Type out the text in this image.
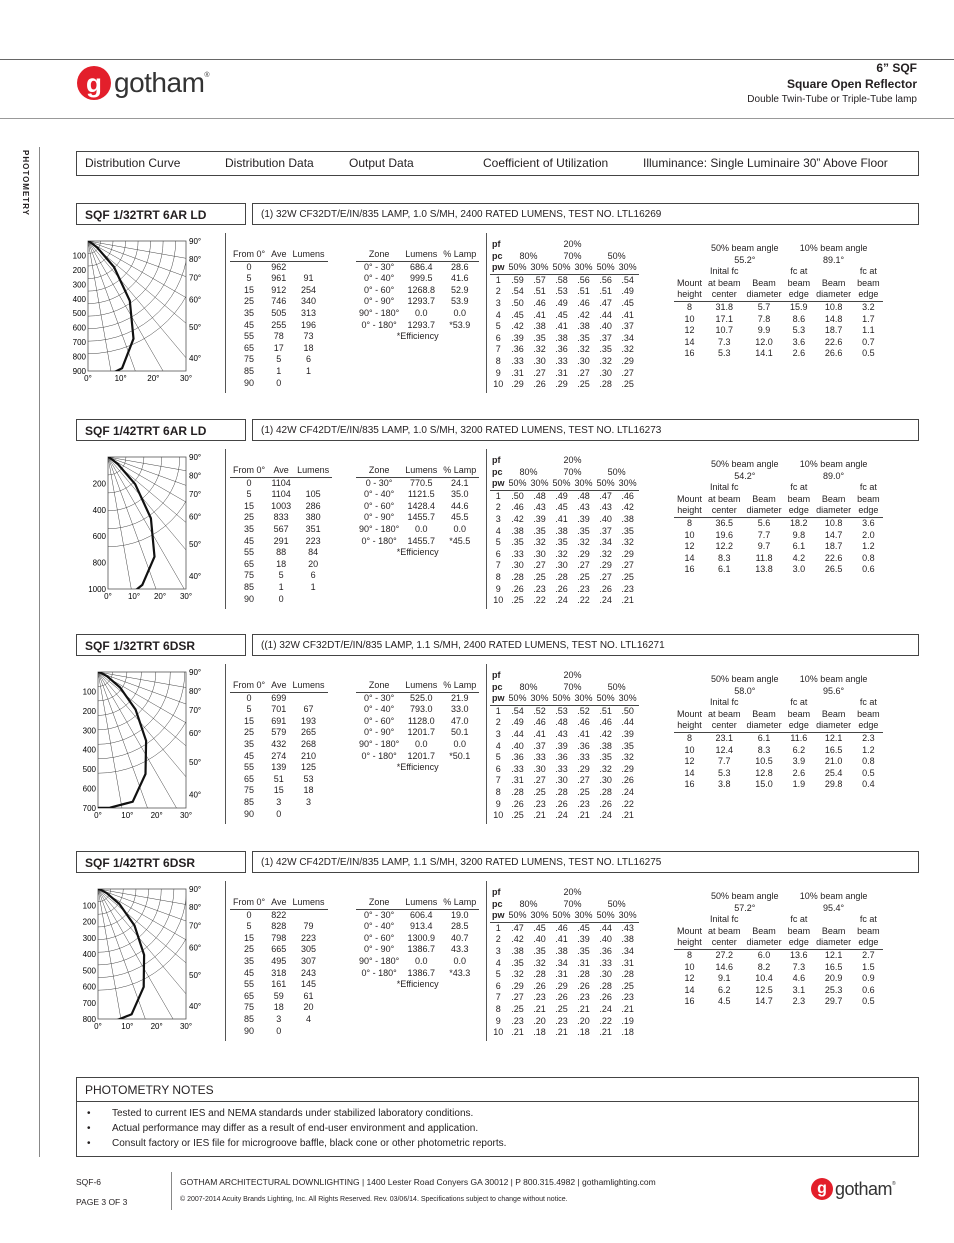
g gotham ®
6” SQF
Square Open Reflector
Double Twin-Tube or Triple-Tube lamp
PHOTOMETRY	Distribution Curve	Distribution Data	Output Data	Coefficient of Utilization	Illuminance: Single Luminaire 30” Above Floor
SQF 1/32TRT 6AR LD	(1) 32W CF32DT/E/IN/835 LAMP, 1.0 S/MH, 2400 RATED LUMENS, TEST NO. LTL16269
100
200
300
400
500
600
700
800
900
90°
80°
70°
60°
50°
40°
0°	10°	20°	30°
From 0°	Ave	Lumens
0	962	
5	961	91
15	912	254
25	746	340
35	505	313
45	255	196
55	78	73
65	17	18
75	5	6
85	1	1
90	0	
Zone	Lumens	% Lamp
0° - 30°	686.4	28.6
0° - 40°	999.5	41.6
0° - 60°	1268.8	52.9
0° - 90°	1293.7	53.9
90° - 180°	0.0	0.0
0° - 180°	1293.7	*53.9
*Efficiency		
pf	20%					
pc	80%		70%		50%	
pw	50%	30%	50%	30%	50%	30%
1	.59	.57	.58	.56	.56	.54
2	.54	.51	.53	.51	.51	.49
3	.50	.46	.49	.46	.47	.45
4	.45	.41	.45	.42	.44	.41
5	.42	.38	.41	.38	.40	.37
6	.39	.35	.38	.35	.37	.34
7	.36	.32	.36	.32	.35	.32
8	.33	.30	.33	.30	.32	.29
9	.31	.27	.31	.27	.30	.27
10	.29	.26	.29	.25	.28	.25
	50% beam angle		10% beam angle		
	55.2°		89.1°		
	Inital fc		fc at		fc at
Mount	at beam	Beam	beam	Beam	beam
height	center	diameter	edge	diameter	edge
8	31.8	5.7	15.9	10.8	3.2
10	17.1	7.8	8.6	14.8	1.7
12	10.7	9.9	5.3	18.7	1.1
14	7.3	12.0	3.6	22.6	0.7
16	5.3	14.1	2.6	26.6	0.5
SQF 1/42TRT 6AR LD	(1) 42W CF42DT/E/IN/835 LAMP, 1.0 S/MH, 3200 RATED LUMENS, TEST NO. LTL16273
200
400
600
800
1000
90°
80°
70°
60°
50°
40°
0° 10° 20° 30°
From 0°	Ave	Lumens
0	1104	
5	1104	105
15	1003	286
25	833	380
35	567	351
45	291	223
55	88	84
65	18	20
75	5	6
85	1	1
90	0	
Zone	Lumens	% Lamp
0 - 30°	770.5	24.1
0° - 40°	1121.5	35.0
0° - 60°	1428.4	44.6
0° - 90°	1455.7	45.5
90° - 180°	0.0	0.0
0° - 180°	1455.7	*45.5
*Efficiency		
pf	20%					
pc	80%		70%		50%	
pw	50%	30%	50%	30%	50%	30%
1	.50	.48	.49	.48	.47	.46
2	.46	.43	.45	.43	.43	.42
3	.42	.39	.41	.39	.40	.38
4	.38	.35	.38	.35	.37	.35
5	.35	.32	.35	.32	.34	.32
6	.33	.30	.32	.29	.32	.29
7	.30	.27	.30	.27	.29	.27
8	.28	.25	.28	.25	.27	.25
9	.26	.23	.26	.23	.26	.23
10	.25	.22	.24	.22	.24	.21
	50% beam angle		10% beam angle		
	54.2°		89.0°		
	Inital fc		fc at		fc at
Mount	at beam	Beam	beam	Beam	beam
height	center	diameter	edge	diameter	edge
8	36.5	5.6	18.2	10.8	3.6
10	19.6	7.7	9.8	14.7	2.0
12	12.2	9.7	6.1	18.7	1.2
14	8.3	11.8	4.2	22.6	0.8
16	6.1	13.8	3.0	26.5	0.6
SQF 1/32TRT 6DSR	((1) 32W CF32DT/E/IN/835 LAMP, 1.1 S/MH, 2400 RATED LUMENS, TEST NO. LTL16271
100
200
300
400
500
600
700
90°
80°
70°
60°
50°
40°
0° 10° 20° 30°
From 0°	Ave	Lumens
0	699	
5	701	67
15	691	193
25	579	265
35	432	268
45	274	210
55	139	125
65	51	53
75	15	18
85	3	3
90	0	
Zone	Lumens	% Lamp
0° - 30°	525.0	21.9
0° - 40°	793.0	33.0
0° - 60°	1128.0	47.0
0° - 90°	1201.7	50.1
90° - 180°	0.0	0.0
0° - 180°	1201.7	*50.1
*Efficiency		
pf	20%					
pc	80%		70%		50%	
pw	50%	30%	50%	30%	50%	30%
1	.54	.52	.53	.52	.51	.50
2	.49	.46	.48	.46	.46	.44
3	.44	.41	.43	.41	.42	.39
4	.40	.37	.39	.36	.38	.35
5	.36	.33	.36	.33	.35	.32
6	.33	.30	.33	.29	.32	.29
7	.31	.27	.30	.27	.30	.26
8	.28	.25	.28	.25	.28	.24
9	.26	.23	.26	.23	.26	.22
10	.25	.21	.24	.21	.24	.21
	50% beam angle		10% beam angle		
	58.0°		95.6°		
	Inital fc		fc at		fc at
Mount	at beam	Beam	beam	Beam	beam
height	center	diameter	edge	diameter	edge
8	23.1	6.1	11.6	12.1	2.3
10	12.4	8.3	6.2	16.5	1.2
12	7.7	10.5	3.9	21.0	0.8
14	5.3	12.8	2.6	25.4	0.5
16	3.8	15.0	1.9	29.8	0.4
SQF 1/42TRT 6DSR	(1) 42W CF42DT/E/IN/835 LAMP, 1.1 S/MH, 3200 RATED LUMENS, TEST NO. LTL16275
100
200
300
400
500
600
700
800
90°
80°
70°
60°
50°
40°
0° 10° 20° 30°
From 0°	Ave	Lumens
0	822	
5	828	79
15	798	223
25	665	305
35	495	307
45	318	243
55	161	145
65	59	61
75	18	20
85	3	4
90	0	
Zone	Lumens	% Lamp
0° - 30°	606.4	19.0
0° - 40°	913.4	28.5
0° - 60°	1300.9	40.7
0° - 90°	1386.7	43.3
90° - 180°	0.0	0.0
0° - 180°	1386.7	*43.3
*Efficiency		
pf	20%					
pc	80%		70%		50%	
pw	50%	30%	50%	30%	50%	30%
1	.47	.45	.46	.45	.44	.43
2	.42	.40	.41	.39	.40	.38
3	.38	.35	.38	.35	.36	.34
4	.35	.32	.34	.31	.33	.31
5	.32	.28	.31	.28	.30	.28
6	.29	.26	.29	.26	.28	.25
7	.27	.23	.26	.23	.26	.23
8	.25	.21	.25	.21	.24	.21
9	.23	.20	.23	.20	.22	.19
10	.21	.18	.21	.18	.21	.18
	50% beam angle		10% beam angle		
	57.2°		95.4°		
	Inital fc		fc at		fc at
Mount	at beam	Beam	beam	Beam	beam
height	center	diameter	edge	diameter	edge
8	27.2	6.0	13.6	12.1	2.7
10	14.6	8.2	7.3	16.5	1.5
12	9.1	10.4	4.6	20.9	0.9
14	6.2	12.5	3.1	25.3	0.6
16	4.5	14.7	2.3	29.7	0.5
PHOTOMETRY NOTES
• Tested to current IES and NEMA standards under stabilized laboratory conditions.
• Actual performance may differ as a result of end-user environment and application.
• Consult factory or IES file for microgroove baffle, black cone or other photometric reports.
SQF-6
PAGE 3 OF 3
GOTHAM ARCHITECTURAL DOWNLIGHTING | 1400 Lester Road Conyers GA 30012 | P 800.315.4982 | gothamlighting.com
© 2007-2014 Acuity Brands Lighting, Inc. All Rights Reserved. Rev. 03/06/14. Specifications subject to change without notice.
g gotham ®
